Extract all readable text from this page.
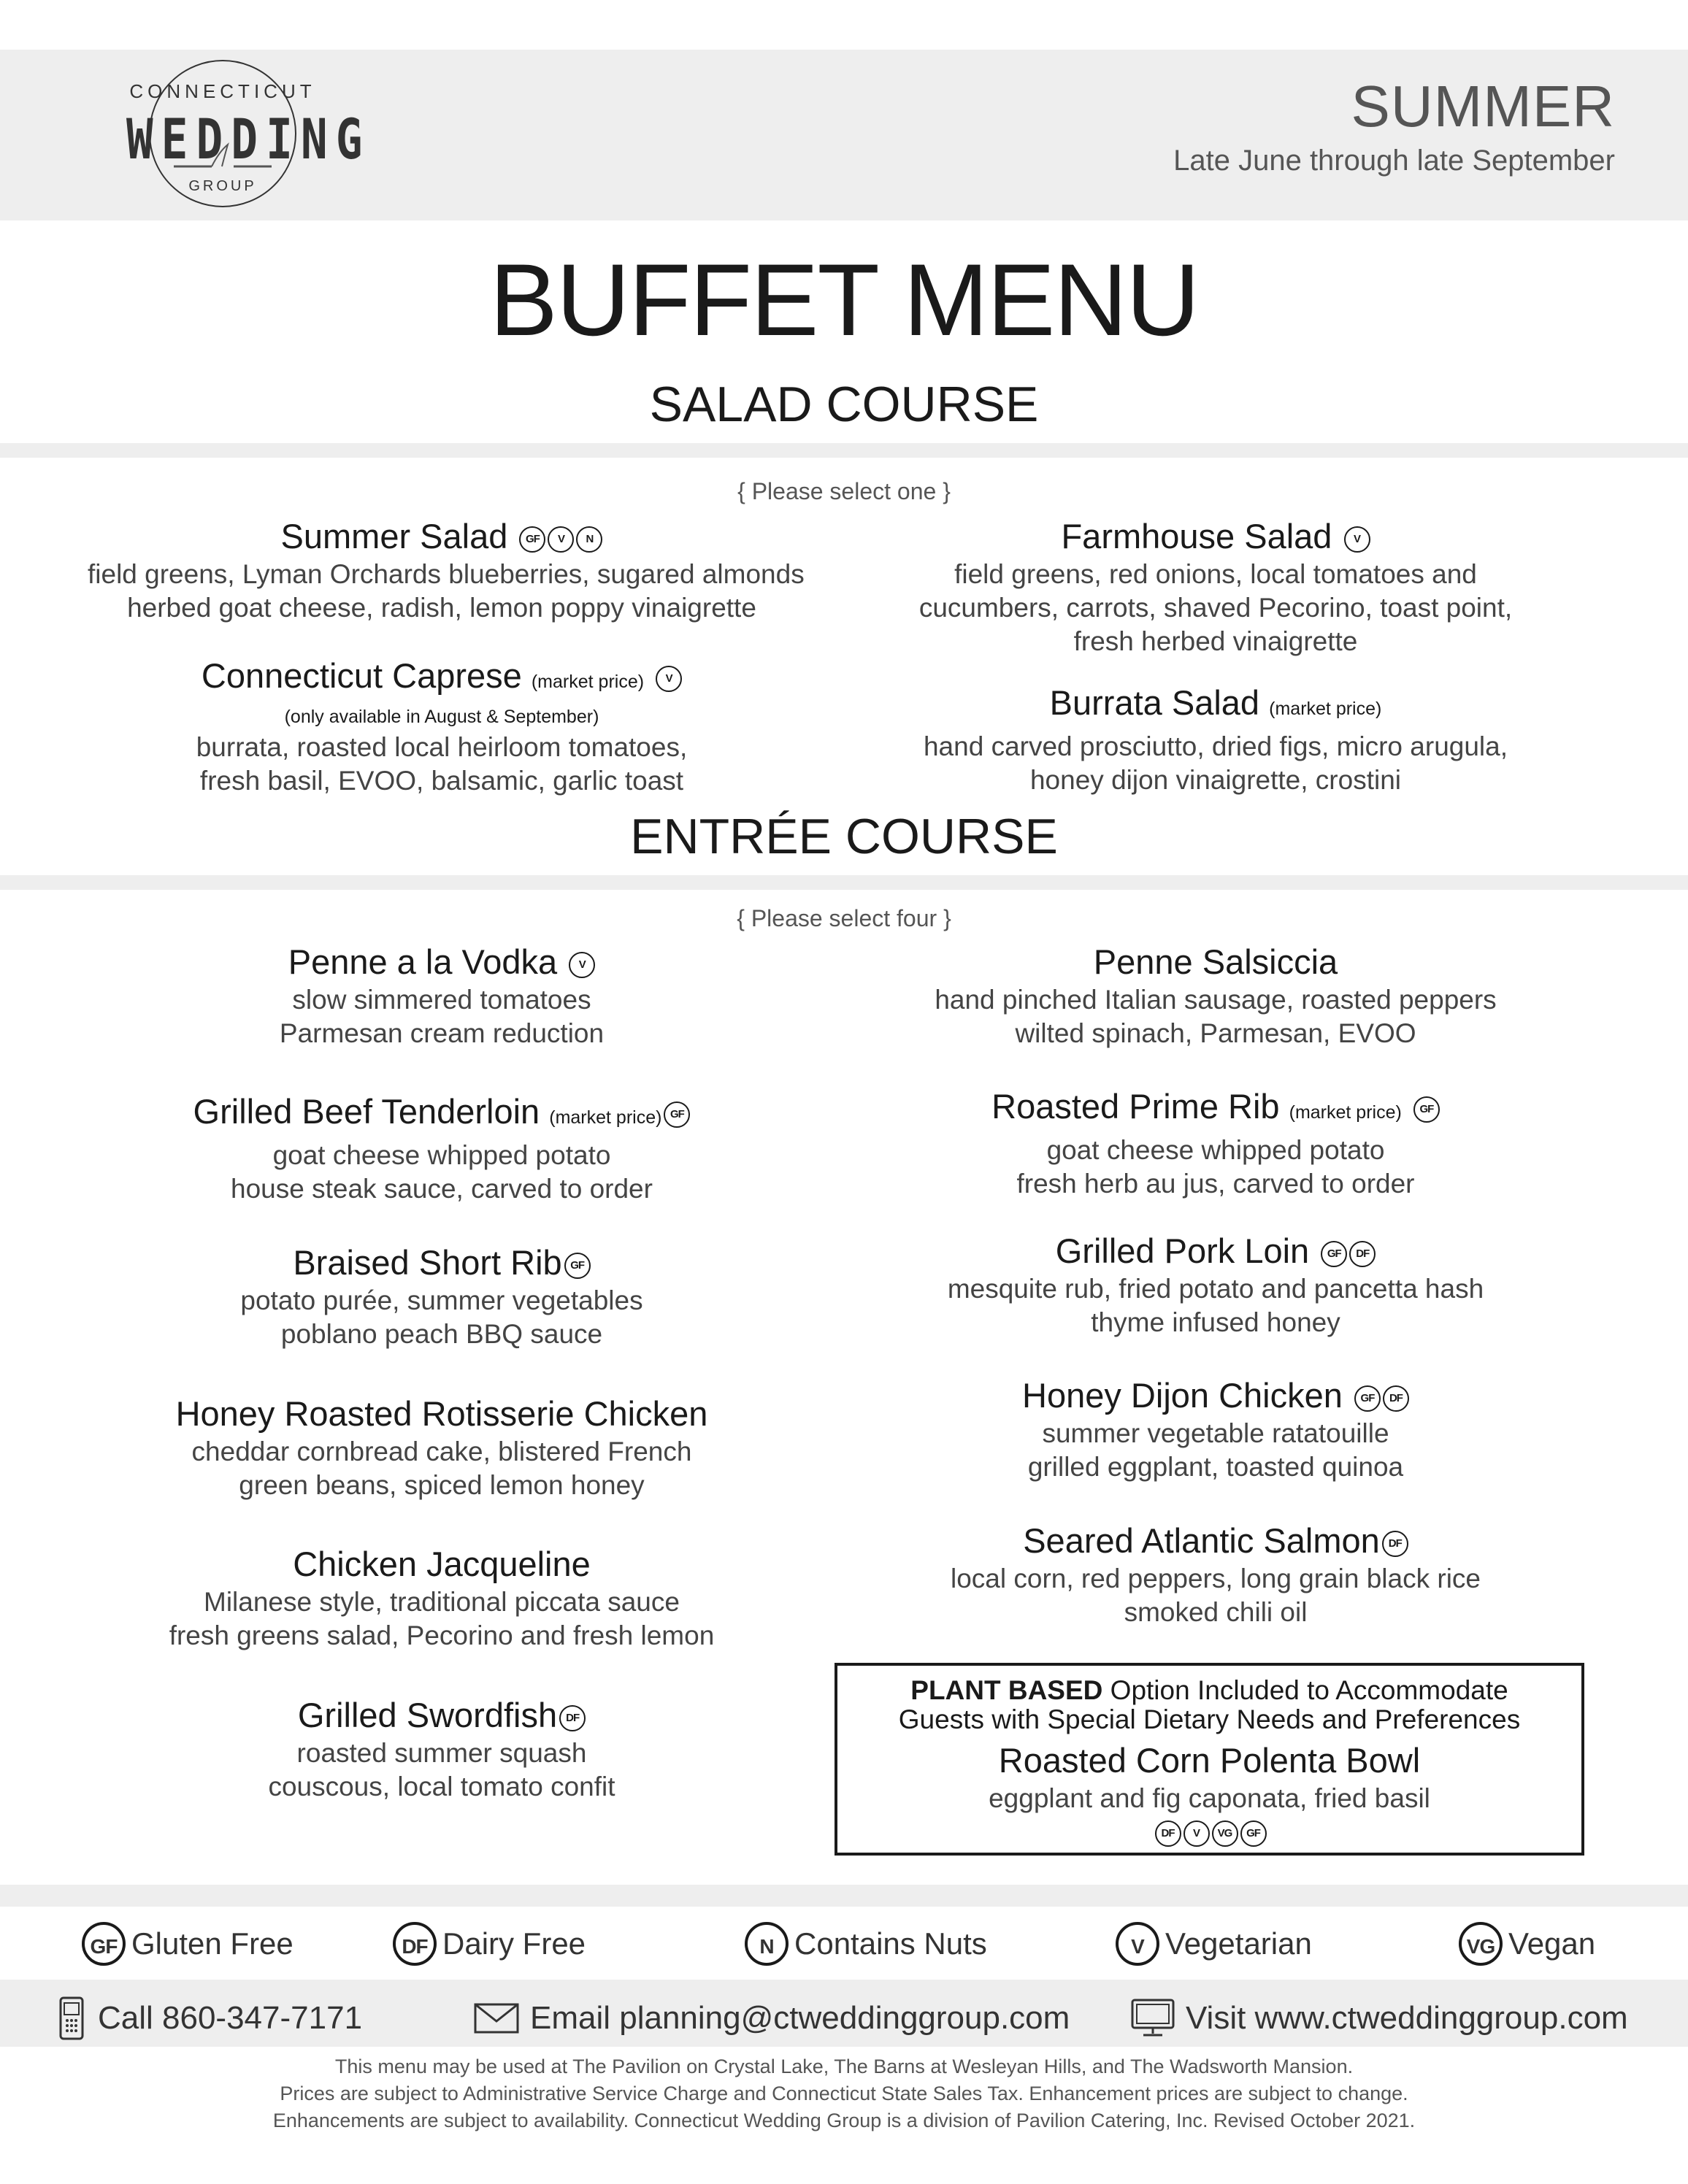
CONNECTICUT
WEDDING
GROUP
SUMMER
Late June through late September
BUFFET MENU
SALAD COURSE
{ Please select one }
Summer Salad GF V N
field greens, Lyman Orchards blueberries, sugared almonds
herbed goat cheese, radish, lemon poppy vinaigrette
Farmhouse Salad V
field greens, red onions, local tomatoes and
cucumbers, carrots, shaved Pecorino, toast point,
fresh herbed vinaigrette
Connecticut Caprese (market price) V
(only available in August & September)
burrata, roasted local heirloom tomatoes,
fresh basil, EVOO, balsamic, garlic toast
Burrata Salad (market price)
hand carved prosciutto, dried figs, micro arugula,
honey dijon vinaigrette, crostini
ENTRÉE COURSE
{ Please select four }
Penne a la Vodka V
slow simmered tomatoes
Parmesan cream reduction
Grilled Beef Tenderloin (market price) GF
goat cheese whipped potato
house steak sauce, carved to order
Braised Short Rib GF
potato purée, summer vegetables
poblano peach BBQ sauce
Honey Roasted Rotisserie Chicken
cheddar cornbread cake, blistered French
green beans, spiced lemon honey
Chicken Jacqueline
Milanese style, traditional piccata sauce
fresh greens salad, Pecorino and fresh lemon
Grilled Swordfish DF
roasted summer squash
couscous, local tomato confit
Penne Salsiccia
hand pinched Italian sausage, roasted peppers
wilted spinach, Parmesan, EVOO
Roasted Prime Rib (market price) GF
goat cheese whipped potato
fresh herb au jus, carved to order
Grilled Pork Loin GF DF
mesquite rub, fried potato and pancetta hash
thyme infused honey
Honey Dijon Chicken GF DF
summer vegetable ratatouille
grilled eggplant, toasted quinoa
Seared Atlantic Salmon DF
local corn, red peppers, long grain black rice
smoked chili oil
PLANT BASED Option Included to Accommodate
Guests with Special Dietary Needs and Preferences
Roasted Corn Polenta Bowl
eggplant and fig caponata, fried basil
DF V VG GF
GF Gluten Free	DF Dairy Free	N Contains Nuts	V Vegetarian	VG Vegan
Call 860-347-7171	Email planning@ctweddinggroup.com	Visit www.ctweddinggroup.com
This menu may be used at The Pavilion on Crystal Lake, The Barns at Wesleyan Hills, and The Wadsworth Mansion.
Prices are subject to Administrative Service Charge and Connecticut State Sales Tax. Enhancement prices are subject to change.
Enhancements are subject to availability. Connecticut Wedding Group is a division of Pavilion Catering, Inc. Revised October 2021.
